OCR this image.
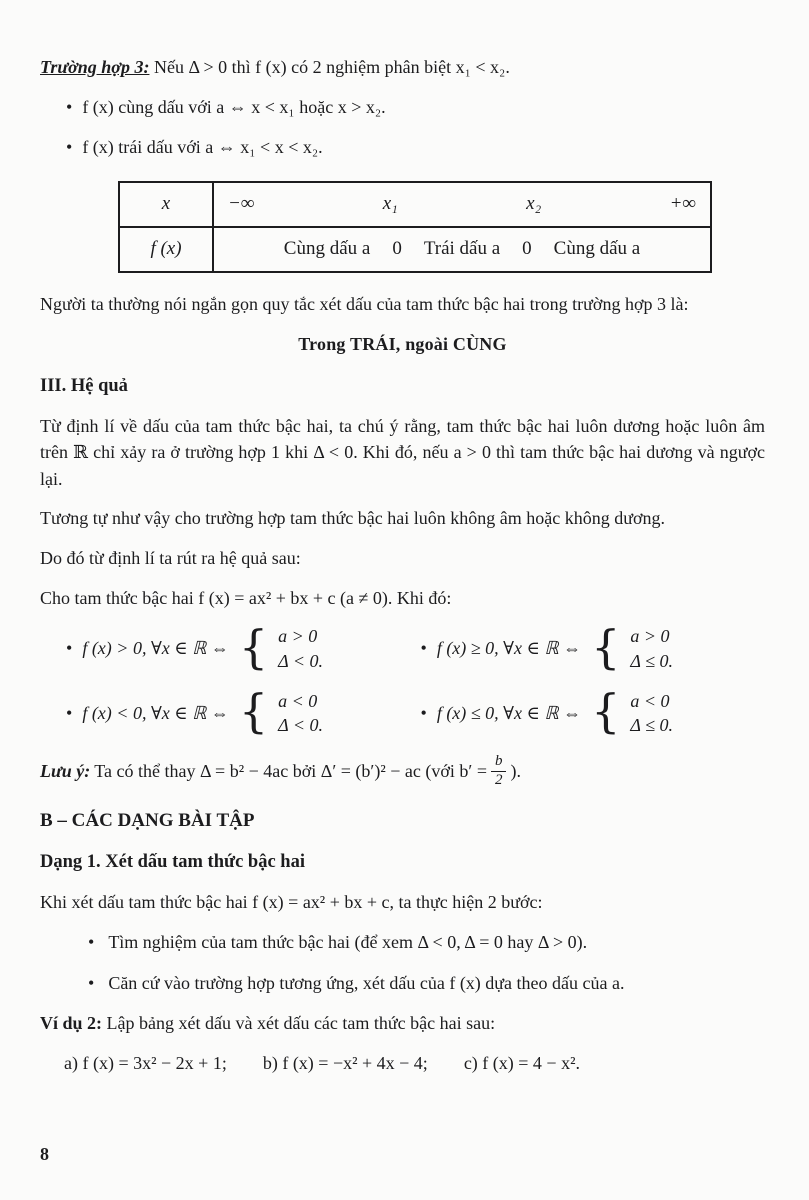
Trường hợp 3: Nếu Δ > 0 thì f (x) có 2 nghiệm phân biệt x₁ < x₂.

• f (x) cùng dấu với a ⇔ x < x₁ hoặc x > x₂.
• f (x) trái dấu với a ⇔ x₁ < x < x₂.
x	−∞	x₁	x₂	+∞
f (x)	Cùng dấu a 0 Trái dấu a 0 Cùng dấu a

Người ta thường nói ngắn gọn quy tắc xét dấu của tam thức bậc hai trong trường hợp 3 là:

Trong TRÁI, ngoài CÙNG

III. Hệ quả

Từ định lí về dấu của tam thức bậc hai, ta chú ý rằng, tam thức bậc hai luôn dương hoặc luôn âm trên ℝ chỉ xảy ra ở trường hợp 1 khi Δ < 0. Khi đó, nếu a > 0 thì tam thức bậc hai dương và ngược lại.

Tương tự như vậy cho trường hợp tam thức bậc hai luôn không âm hoặc không dương.

Do đó từ định lí ta rút ra hệ quả sau:

Cho tam thức bậc hai f (x) = ax² + bx + c (a ≠ 0). Khi đó:

• f (x) > 0, ∀x ∈ ℝ ⇔ { a > 0
Δ < 0.
• f (x) ≥ 0, ∀x ∈ ℝ ⇔ { a > 0
Δ ≤ 0.
• f (x) < 0, ∀x ∈ ℝ ⇔ { a < 0
Δ < 0.
• f (x) ≤ 0, ∀x ∈ ℝ ⇔ { a < 0
Δ ≤ 0.

Lưu ý: Ta có thể thay Δ = b² − 4ac bởi Δ′ = (b′)² − ac (với $b' = \frac{b}{2}$ ).

B – CÁC DẠNG BÀI TẬP
Dạng 1. Xét dấu tam thức bậc hai

Khi xét dấu tam thức bậc hai f (x) = ax² + bx + c, ta thực hiện 2 bước:

• Tìm nghiệm của tam thức bậc hai (để xem Δ < 0, Δ = 0 hay Δ > 0).
• Căn cứ vào trường hợp tương ứng, xét dấu của f (x) dựa theo dấu của a.

Ví dụ 2: Lập bảng xét dấu và xét dấu các tam thức bậc hai sau:

a) f (x) = 3x² − 2x + 1; b) f (x) = −x² + 4x − 4; c) f (x) = 4 − x².
8
